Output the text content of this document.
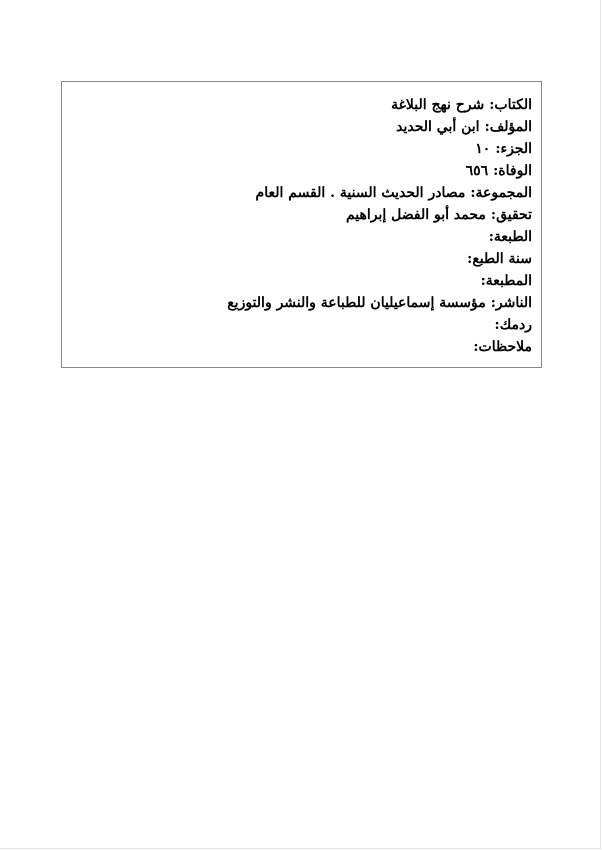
الكتاب:شرح نهج البلاغة
المؤلف:ابن أبي الحديد
الجزء:١٠
الوفاة:٦٥٦
المجموعة:مصادر الحديث السنية . القسم العام
تحقيق:محمد أبو الفضل إبراهيم
الطبعة:
سنة الطبع:
المطبعة:
الناشر:مؤسسة إسماعيليان للطباعة والنشر والتوزيع
ردمك:
ملاحظات:
